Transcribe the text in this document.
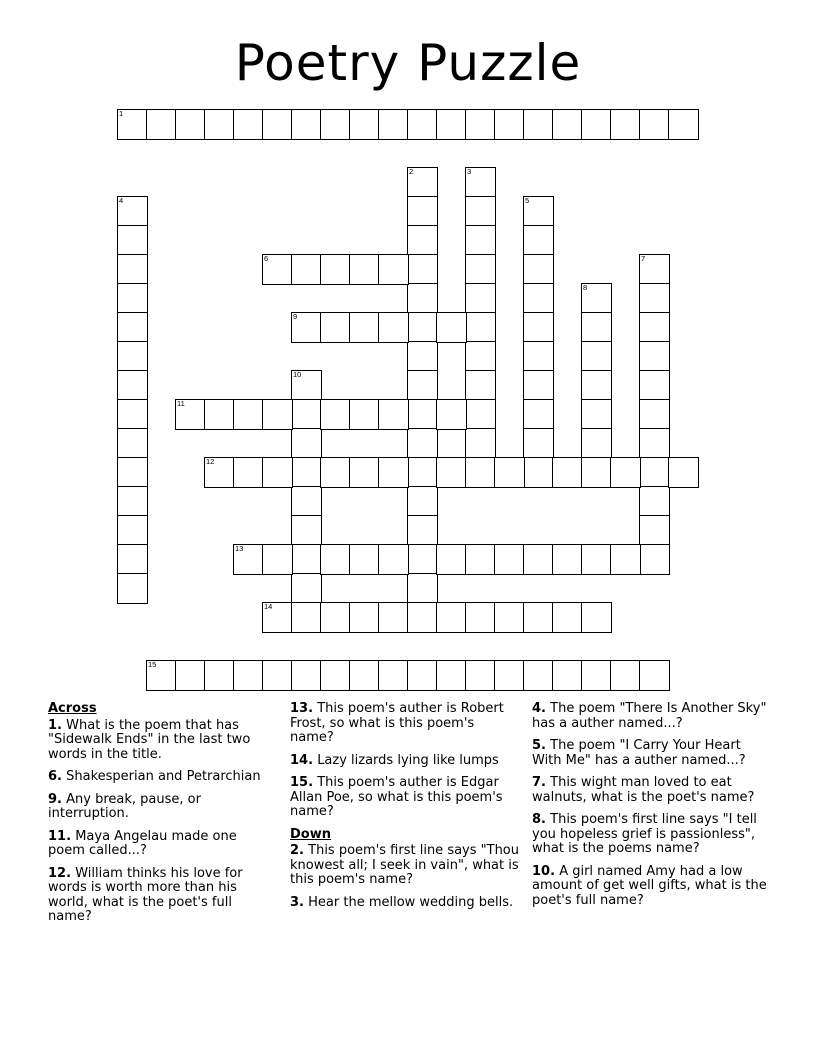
Poetry Puzzle
1
2	3
4	5
6	7
8
9
10
11
12
13
14
15
Across
1. What is the poem that has "Sidewalk Ends" in the last two words in the title.
6. Shakesperian and Petrarchian
9. Any break, pause, or interruption.
11. Maya Angelau made one poem called...?
12. William thinks his love for words is worth more than his world, what is the poet's full name?
13. This poem's auther is Robert Frost, so what is this poem's name?
14. Lazy lizards lying like lumps
15. This poem's auther is Edgar Allan Poe, so what is this poem's name?
Down
2. This poem's first line says "Thou knowest all; I seek in vain", what is this poem's name?
3. Hear the mellow wedding bells.
4. The poem "There Is Another Sky" has a auther named...?
5. The poem "I Carry Your Heart With Me" has a auther named...?
7. This wight man loved to eat walnuts, what is the poet's name?
8. This poem's first line says "I tell you hopeless grief is passionless", what is the poems name?
10. A girl named Amy had a low amount of get well gifts, what is the poet's full name?
